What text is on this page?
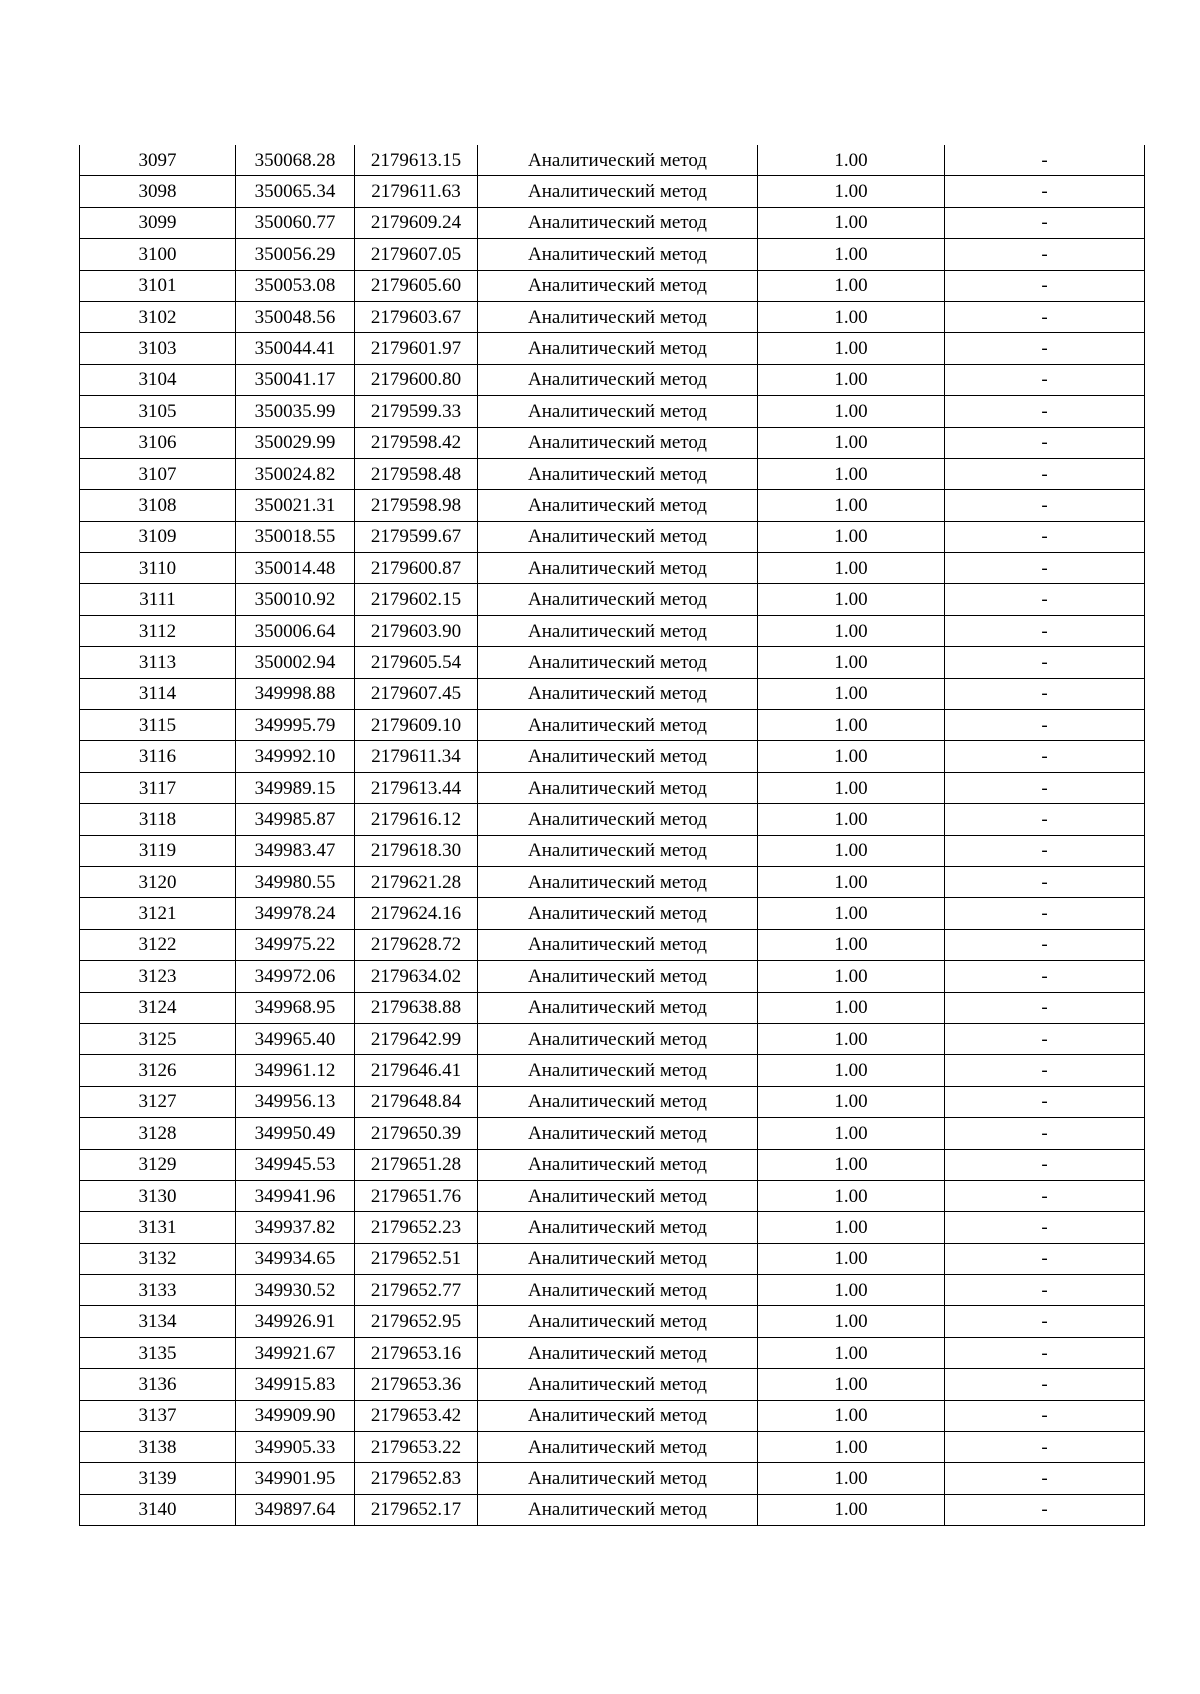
3097	350068.28	2179613.15	Аналитический метод	1.00	-
3098	350065.34	2179611.63	Аналитический метод	1.00	-
3099	350060.77	2179609.24	Аналитический метод	1.00	-
3100	350056.29	2179607.05	Аналитический метод	1.00	-
3101	350053.08	2179605.60	Аналитический метод	1.00	-
3102	350048.56	2179603.67	Аналитический метод	1.00	-
3103	350044.41	2179601.97	Аналитический метод	1.00	-
3104	350041.17	2179600.80	Аналитический метод	1.00	-
3105	350035.99	2179599.33	Аналитический метод	1.00	-
3106	350029.99	2179598.42	Аналитический метод	1.00	-
3107	350024.82	2179598.48	Аналитический метод	1.00	-
3108	350021.31	2179598.98	Аналитический метод	1.00	-
3109	350018.55	2179599.67	Аналитический метод	1.00	-
3110	350014.48	2179600.87	Аналитический метод	1.00	-
3111	350010.92	2179602.15	Аналитический метод	1.00	-
3112	350006.64	2179603.90	Аналитический метод	1.00	-
3113	350002.94	2179605.54	Аналитический метод	1.00	-
3114	349998.88	2179607.45	Аналитический метод	1.00	-
3115	349995.79	2179609.10	Аналитический метод	1.00	-
3116	349992.10	2179611.34	Аналитический метод	1.00	-
3117	349989.15	2179613.44	Аналитический метод	1.00	-
3118	349985.87	2179616.12	Аналитический метод	1.00	-
3119	349983.47	2179618.30	Аналитический метод	1.00	-
3120	349980.55	2179621.28	Аналитический метод	1.00	-
3121	349978.24	2179624.16	Аналитический метод	1.00	-
3122	349975.22	2179628.72	Аналитический метод	1.00	-
3123	349972.06	2179634.02	Аналитический метод	1.00	-
3124	349968.95	2179638.88	Аналитический метод	1.00	-
3125	349965.40	2179642.99	Аналитический метод	1.00	-
3126	349961.12	2179646.41	Аналитический метод	1.00	-
3127	349956.13	2179648.84	Аналитический метод	1.00	-
3128	349950.49	2179650.39	Аналитический метод	1.00	-
3129	349945.53	2179651.28	Аналитический метод	1.00	-
3130	349941.96	2179651.76	Аналитический метод	1.00	-
3131	349937.82	2179652.23	Аналитический метод	1.00	-
3132	349934.65	2179652.51	Аналитический метод	1.00	-
3133	349930.52	2179652.77	Аналитический метод	1.00	-
3134	349926.91	2179652.95	Аналитический метод	1.00	-
3135	349921.67	2179653.16	Аналитический метод	1.00	-
3136	349915.83	2179653.36	Аналитический метод	1.00	-
3137	349909.90	2179653.42	Аналитический метод	1.00	-
3138	349905.33	2179653.22	Аналитический метод	1.00	-
3139	349901.95	2179652.83	Аналитический метод	1.00	-
3140	349897.64	2179652.17	Аналитический метод	1.00	-
